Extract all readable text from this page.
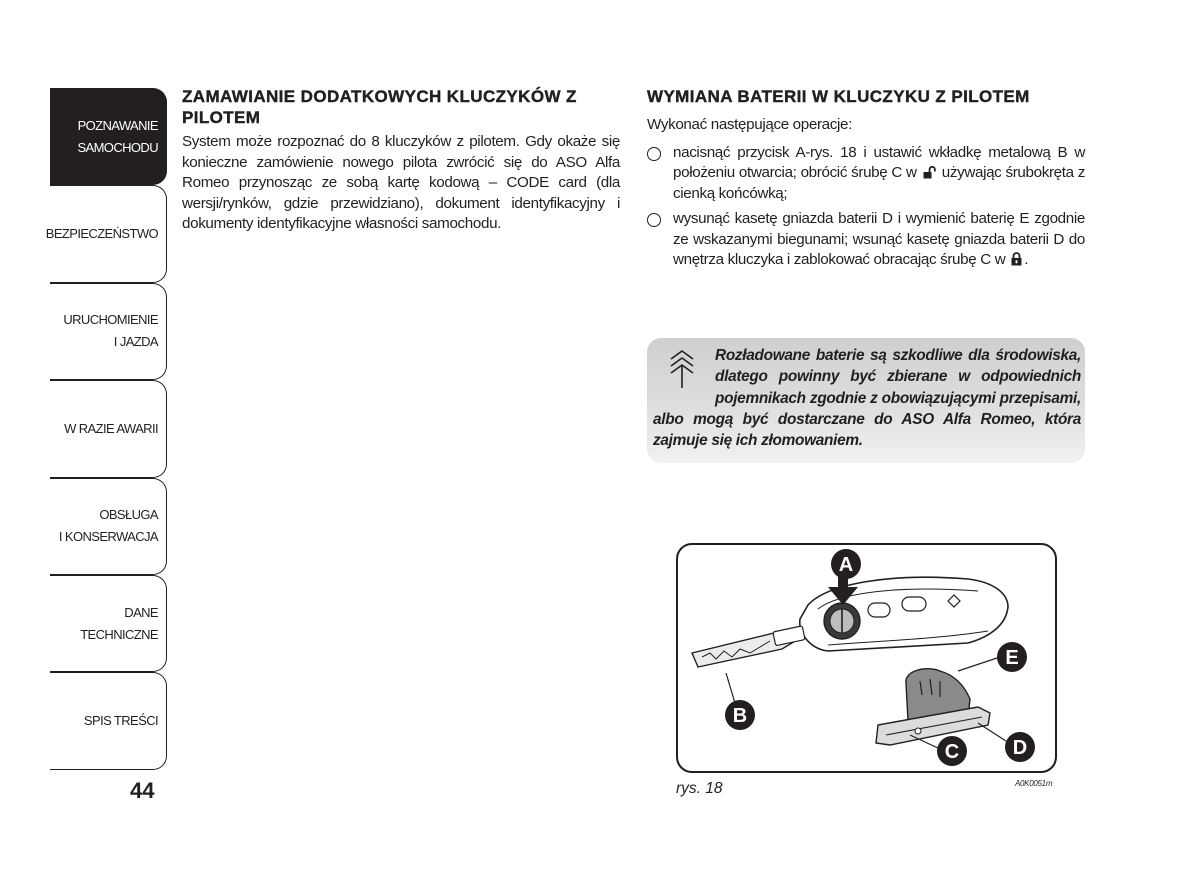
POZNAWANIE
SAMOCHODU
BEZPIECZEŃSTWO
URUCHOMIENIE
I JAZDA
W RAZIE AWARII
OBSŁUGA
I KONSERWACJA
DANE
TECHNICZNE
SPIS TREŚCI
44
ZAMAWIANIE DODATKOWYCH KLUCZYKÓW Z PILOTEM

System może rozpoznać do 8 kluczyków z pilotem. Gdy okaże się konieczne zamówienie nowego pilota zwrócić się do ASO Alfa Romeo przynosząc ze sobą kartę kodową – CODE card (dla wersji/rynków, gdzie przewidziano), dokument identyfikacyjny i dokumenty identyfikacyjne własności samochodu.

WYMIANA BATERII W KLUCZYKU Z PILOTEM

Wykonać następujące operacje:

nacisnąć przycisk A-rys. 18 i ustawić wkładkę metalową B w położeniu otwarcia; obrócić śrubę C w używając śrubokręta z cienką końcówką;
wysunąć kasetę gniazda baterii D i wymienić baterię E zgodnie ze wskazanymi biegunami; wsunąć kasetę gniazda baterii D do wnętrza kluczyka i zablokować obracając śrubę C w .
Rozładowane baterie są szkodliwe dla środowiska, dlatego powinny być zbierane w odpowiednich pojemnikach zgodnie z obowiązującymi przepisami, albo mogą być dostarczane do ASO Alfa Romeo, która zajmuje się ich złomowaniem.
A
B
C	D
E
rys. 18	A0K0051m
